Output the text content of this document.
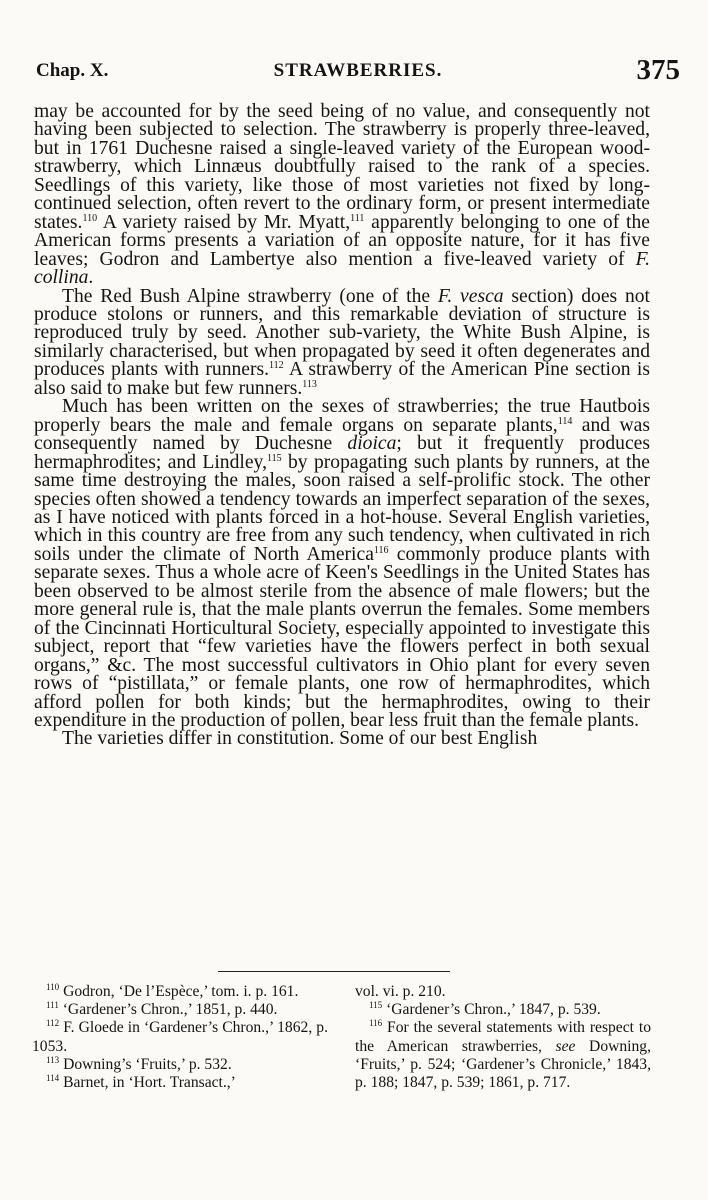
Chap. X.	STRAWBERRIES.	375

may be accounted for by the seed being of no value, and consequently not having been subjected to selection. The strawberry is properly three-leaved, but in 1761 Duchesne raised a single-leaved variety of the European wood-strawberry, which Linnæus doubtfully raised to the rank of a species. Seedlings of this variety, like those of most varieties not fixed by long-continued selection, often revert to the ordinary form, or present intermediate states.$^{110}$ A variety raised by Mr. Myatt,$^{111}$ apparently belonging to one of the American forms presents a variation of an opposite nature, for it has five leaves; Godron and Lambertye also mention a five-leaved variety of F. collina.

The Red Bush Alpine strawberry (one of the F. vesca section) does not produce stolons or runners, and this remarkable deviation of structure is reproduced truly by seed. Another sub-variety, the White Bush Alpine, is similarly characterised, but when propagated by seed it often degenerates and produces plants with runners.$^{112}$ A strawberry of the American Pine section is also said to make but few runners.$^{113}$

Much has been written on the sexes of strawberries; the true Hautbois properly bears the male and female organs on separate plants,$^{114}$ and was consequently named by Duchesne dioica; but it frequently produces hermaphrodites; and Lindley,$^{115}$ by propagating such plants by runners, at the same time destroying the males, soon raised a self-prolific stock. The other species often showed a tendency towards an imperfect separation of the sexes, as I have noticed with plants forced in a hot-house. Several English varieties, which in this country are free from any such tendency, when cultivated in rich soils under the climate of North America$^{116}$ commonly produce plants with separate sexes. Thus a whole acre of Keen's Seedlings in the United States has been observed to be almost sterile from the absence of male flowers; but the more general rule is, that the male plants overrun the females. Some members of the Cincinnati Horticultural Society, especially appointed to investigate this subject, report that “few varieties have the flowers perfect in both sexual organs,” &c. The most successful cultivators in Ohio plant for every seven rows of “pistillata,” or female plants, one row of hermaphrodites, which afford pollen for both kinds; but the hermaphrodites, owing to their expenditure in the production of pollen, bear less fruit than the female plants.

The varieties differ in constitution. Some of our best English

$^{110}$ Godron, ‘De l’Espèce,’ tom. i. p. 161.

$^{111}$ ‘Gardener’s Chron.,’ 1851, p. 440.

$^{112}$ F. Gloede in ‘Gardener’s Chron.,’ 1862, p. 1053.

$^{113}$ Downing’s ‘Fruits,’ p. 532.

$^{114}$ Barnet, in ‘Hort. Transact.,’

vol. vi. p. 210.

$^{115}$ ‘Gardener’s Chron.,’ 1847, p. 539.

$^{116}$ For the several statements with respect to the American strawberries, see Downing, ‘Fruits,’ p. 524; ‘Gardener’s Chronicle,’ 1843, p. 188; 1847, p. 539; 1861, p. 717.
